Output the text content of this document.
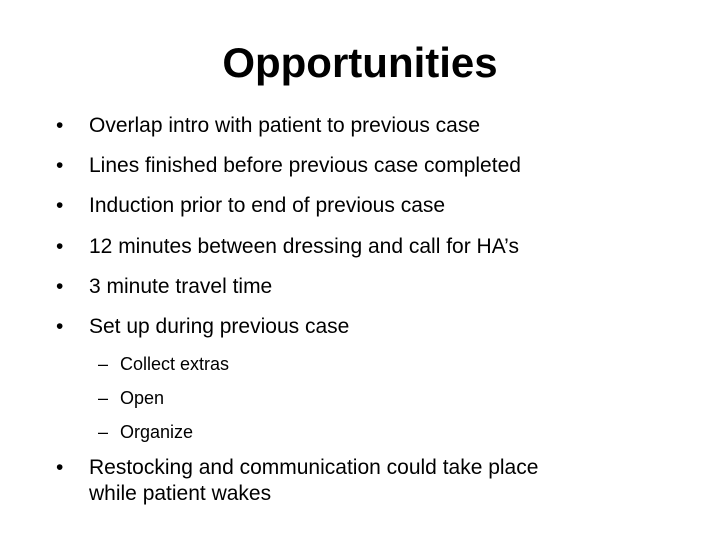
Opportunities
•	Overlap intro with patient to previous case
•	Lines finished before previous case completed
•	Induction prior to end of previous case
•	12 minutes between dressing and call for HA’s
•	3 minute travel time
•	Set up during previous case
– Collect extras
– Open
– Organize
•	Restocking and communication could take place
while patient wakes
